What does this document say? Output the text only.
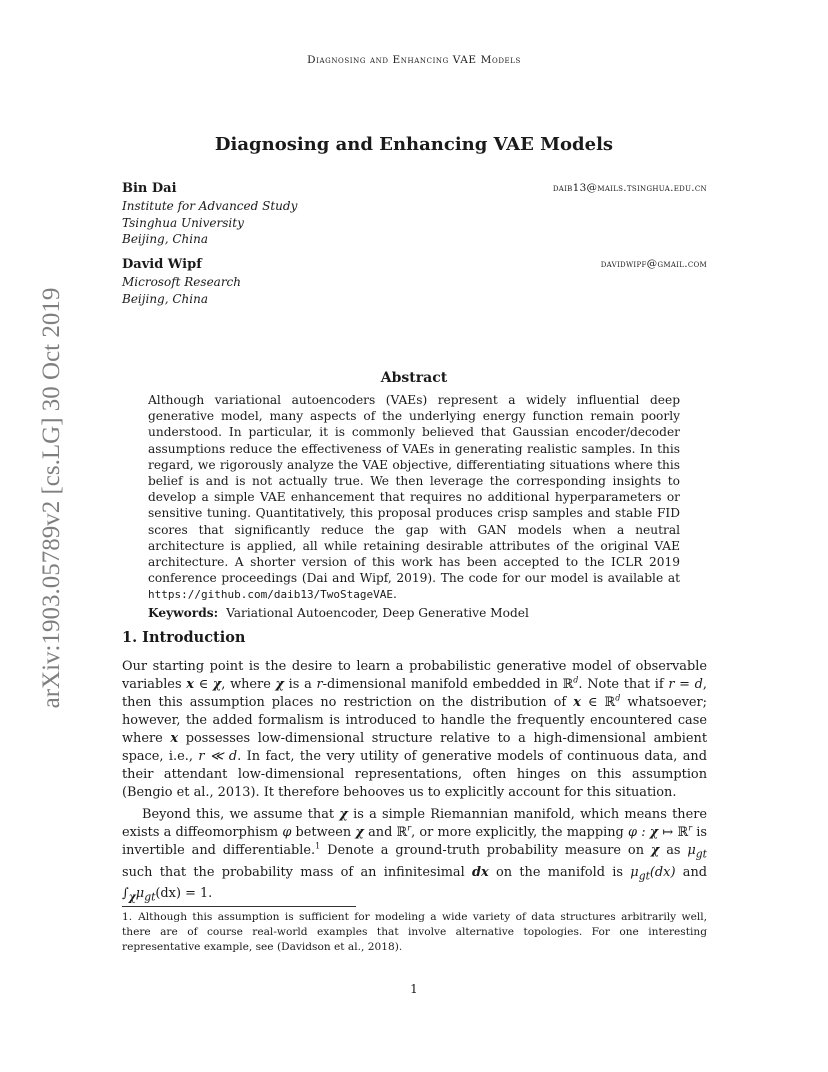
Diagnosing and Enhancing VAE Models
arXiv:1903.05789v2 [cs.LG] 30 Oct 2019
Diagnosing and Enhancing VAE Models
Bin Dai	daib13@mails.tsinghua.edu.cn
Institute for Advanced Study
Tsinghua University
Beijing, China
David Wipf	davidwipf@gmail.com
Microsoft Research
Beijing, China
Abstract
Although variational autoencoders (VAEs) represent a widely influential deep generative model, many aspects of the underlying energy function remain poorly understood. In particular, it is commonly believed that Gaussian encoder/decoder assumptions reduce the effectiveness of VAEs in generating realistic samples. In this regard, we rigorously analyze the VAE objective, differentiating situations where this belief is and is not actually true. We then leverage the corresponding insights to develop a simple VAE enhancement that requires no additional hyperparameters or sensitive tuning. Quantitatively, this proposal produces crisp samples and stable FID scores that significantly reduce the gap with GAN models when a neutral architecture is applied, all while retaining desirable attributes of the original VAE architecture. A shorter version of this work has been accepted to the ICLR 2019 conference proceedings (Dai and Wipf, 2019). The code for our model is available at https://github.com/daib13/TwoStageVAE.
Keywords: Variational Autoencoder, Deep Generative Model
1. Introduction
Our starting point is the desire to learn a probabilistic generative model of observable variables x ∈ χ, where χ is a r-dimensional manifold embedded in ℝ$^d$. Note that if r = d, then this assumption places no restriction on the distribution of x ∈ ℝ$^d$ whatsoever; however, the added formalism is introduced to handle the frequently encountered case where x possesses low-dimensional structure relative to a high-dimensional ambient space, i.e., r ≪ d. In fact, the very utility of generative models of continuous data, and their attendant low-dimensional representations, often hinges on this assumption (Bengio et al., 2013). It therefore behooves us to explicitly account for this situation.
Beyond this, we assume that χ is a simple Riemannian manifold, which means there exists a diffeomorphism φ between χ and ℝ$^r$, or more explicitly, the mapping φ : χ ↦ ℝ$^r$ is invertible and differentiable.$^1$ Denote a ground-truth probability measure on χ as $\mu_{gt}$ such that the probability mass of an infinitesimal dx on the manifold is $\mu_{gt}(dx)$ and $\int_\chi\mu_{gt}(dx) = 1$.
1. Although this assumption is sufficient for modeling a wide variety of data structures arbitrarily well, there are of course real-world examples that involve alternative topologies. For one interesting representative example, see (Davidson et al., 2018).
1
